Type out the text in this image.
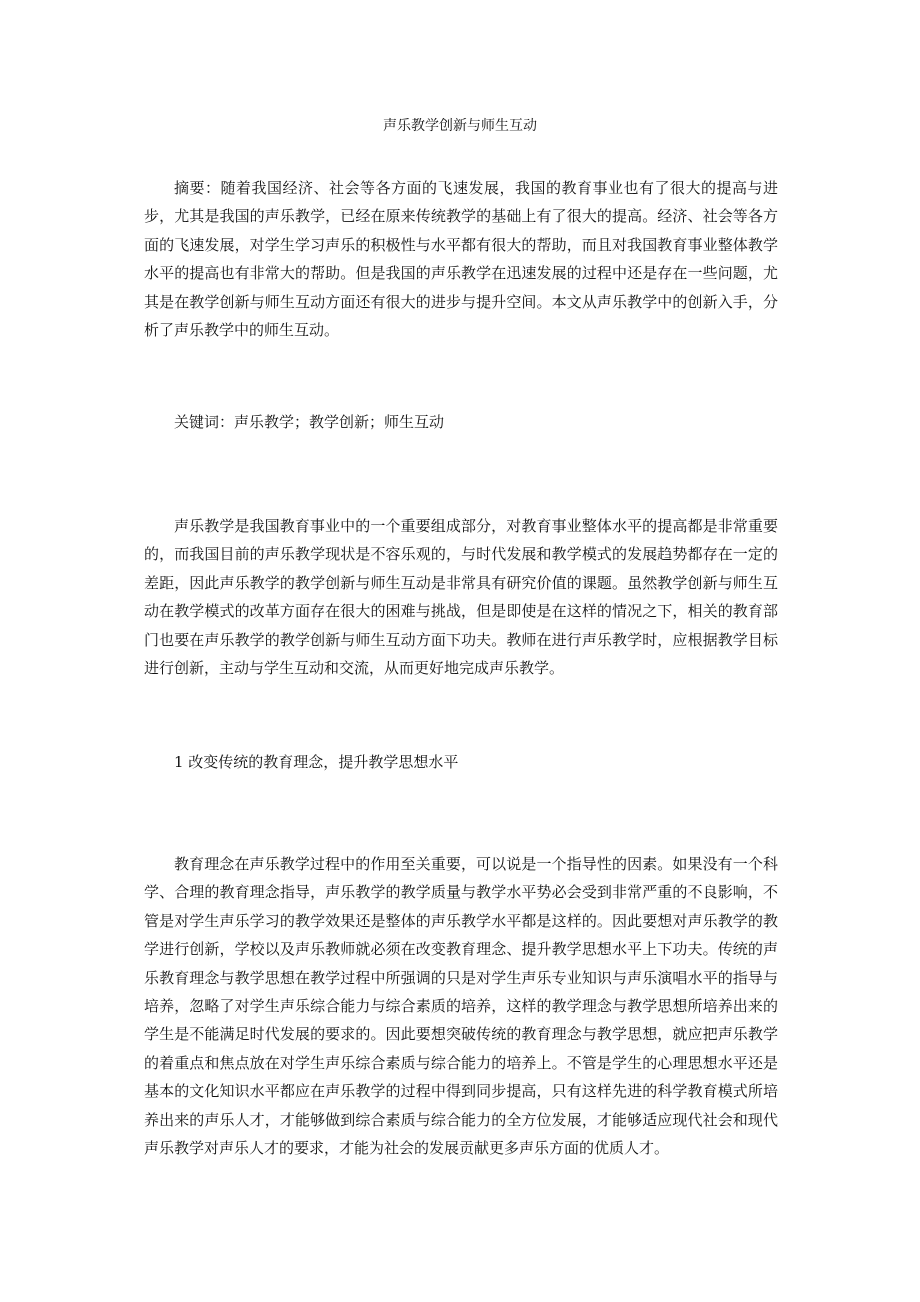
声乐教学创新与师生互动

摘要：随着我国经济、社会等各方面的飞速发展，我国的教育事业也有了很大的提高与进步，尤其是我国的声乐教学，已经在原来传统教学的基础上有了很大的提高。经济、社会等各方面的飞速发展，对学生学习声乐的积极性与水平都有很大的帮助，而且对我国教育事业整体教学水平的提高也有非常大的帮助。但是我国的声乐教学在迅速发展的过程中还是存在一些问题，尤其是在教学创新与师生互动方面还有很大的进步与提升空间。本文从声乐教学中的创新入手，分析了声乐教学中的师生互动。

关键词：声乐教学；教学创新；师生互动

声乐教学是我国教育事业中的一个重要组成部分，对教育事业整体水平的提高都是非常重要的，而我国目前的声乐教学现状是不容乐观的，与时代发展和教学模式的发展趋势都存在一定的差距，因此声乐教学的教学创新与师生互动是非常具有研究价值的课题。虽然教学创新与师生互动在教学模式的改革方面存在很大的困难与挑战，但是即使是在这样的情况之下，相关的教育部门也要在声乐教学的教学创新与师生互动方面下功夫。教师在进行声乐教学时，应根据教学目标进行创新，主动与学生互动和交流，从而更好地完成声乐教学。

1 改变传统的教育理念，提升教学思想水平

教育理念在声乐教学过程中的作用至关重要，可以说是一个指导性的因素。如果没有一个科学、合理的教育理念指导，声乐教学的教学质量与教学水平势必会受到非常严重的不良影响，不管是对学生声乐学习的教学效果还是整体的声乐教学水平都是这样的。因此要想对声乐教学的教学进行创新，学校以及声乐教师就必须在改变教育理念、提升教学思想水平上下功夫。传统的声乐教育理念与教学思想在教学过程中所强调的只是对学生声乐专业知识与声乐演唱水平的指导与培养，忽略了对学生声乐综合能力与综合素质的培养，这样的教学理念与教学思想所培养出来的学生是不能满足时代发展的要求的。因此要想突破传统的教育理念与教学思想，就应把声乐教学的着重点和焦点放在对学生声乐综合素质与综合能力的培养上。不管是学生的心理思想水平还是基本的文化知识水平都应在声乐教学的过程中得到同步提高，只有这样先进的科学教育模式所培养出来的声乐人才，才能够做到综合素质与综合能力的全方位发展，才能够适应现代社会和现代声乐教学对声乐人才的要求，才能为社会的发展贡献更多声乐方面的优质人才。
